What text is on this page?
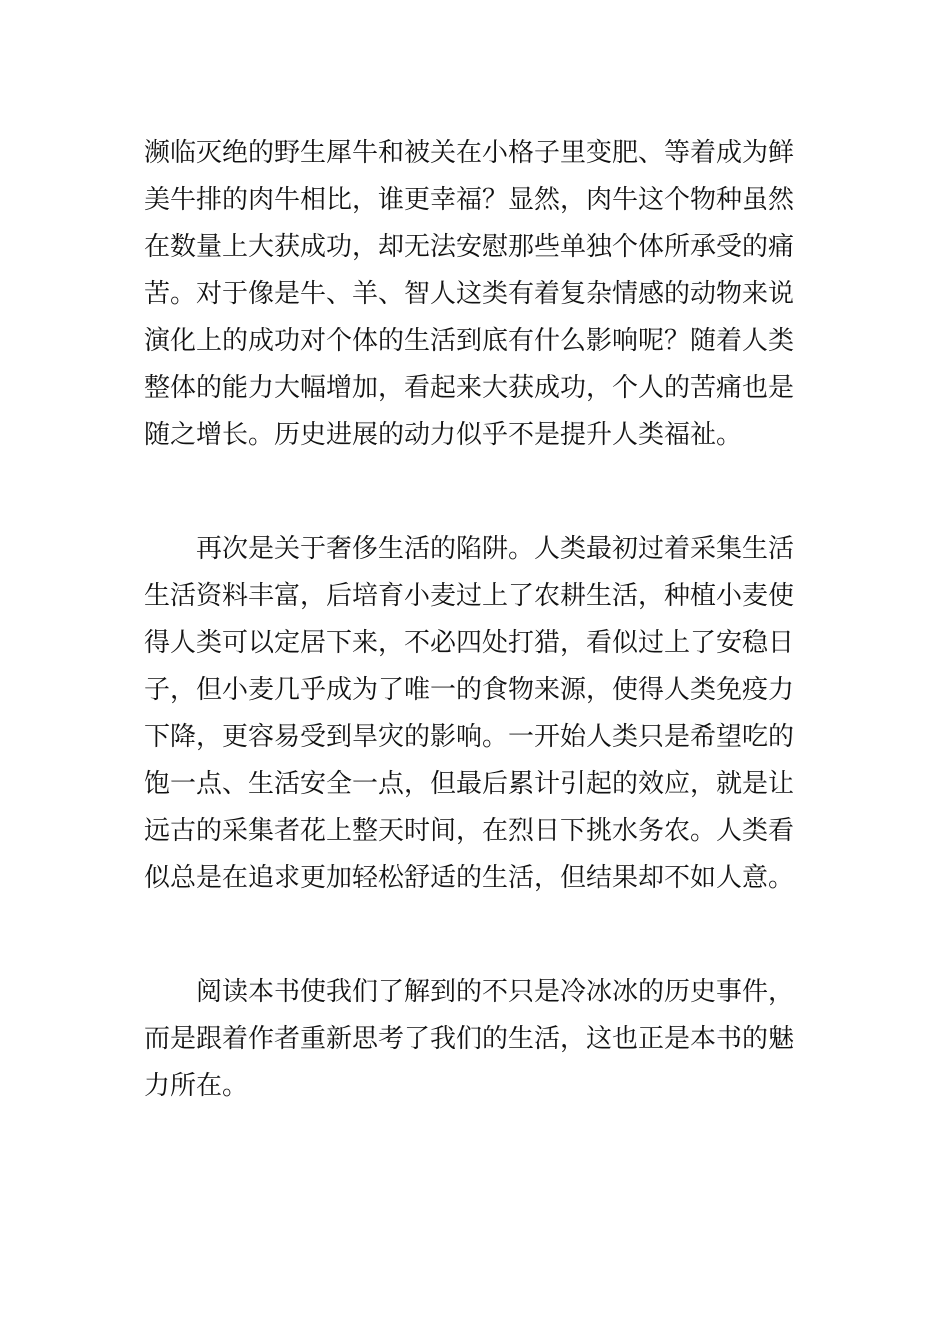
濒临灭绝的野生犀牛和被关在小格子里变肥、等着成为鲜
美牛排的肉牛相比，谁更幸福？显然，肉牛这个物种虽然
在数量上大获成功，却无法安慰那些单独个体所承受的痛
苦。对于像是牛、羊、智人这类有着复杂情感的动物来说
演化上的成功对个体的生活到底有什么影响呢？随着人类
整体的能力大幅增加，看起来大获成功，个人的苦痛也是
随之增长。历史进展的动力似乎不是提升人类福祉。
再次是关于奢侈生活的陷阱。人类最初过着采集生活
生活资料丰富，后培育小麦过上了农耕生活，种植小麦使
得人类可以定居下来，不必四处打猎，看似过上了安稳日
子，但小麦几乎成为了唯一的食物来源，使得人类免疫力
下降，更容易受到旱灾的影响。一开始人类只是希望吃的
饱一点、生活安全一点，但最后累计引起的效应，就是让
远古的采集者花上整天时间，在烈日下挑水务农。人类看
似总是在追求更加轻松舒适的生活，但结果却不如人意。
阅读本书使我们了解到的不只是冷冰冰的历史事件，
而是跟着作者重新思考了我们的生活，这也正是本书的魅
力所在。
